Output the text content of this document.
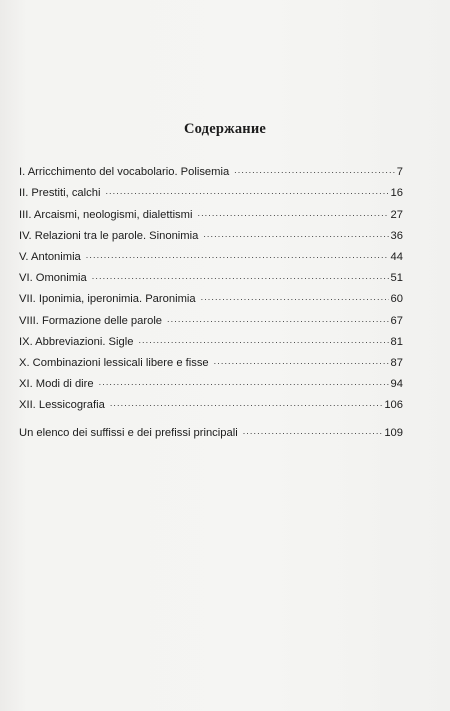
Содержание
I. Arricchimento del vocabolario. Polisemia .....	7
II. Prestiti, calchi .....	16
III. Arcaismi, neologismi, dialettismi .....	27
IV. Relazioni tra le parole. Sinonimia .....	36
V. Antonimia .....	44
VI. Omonimia .....	51
VII. Iponimia, iperonimia. Paronimia .....	60
VIII. Formazione delle parole .....	67
IX. Abbreviazioni. Sigle .....	81
X. Combinazioni lessicali libere e fisse .....	87
XI. Modi di dire .....	94
XII. Lessicografia .....	106
Un elenco dei suffissi e dei prefissi principali .....	109
